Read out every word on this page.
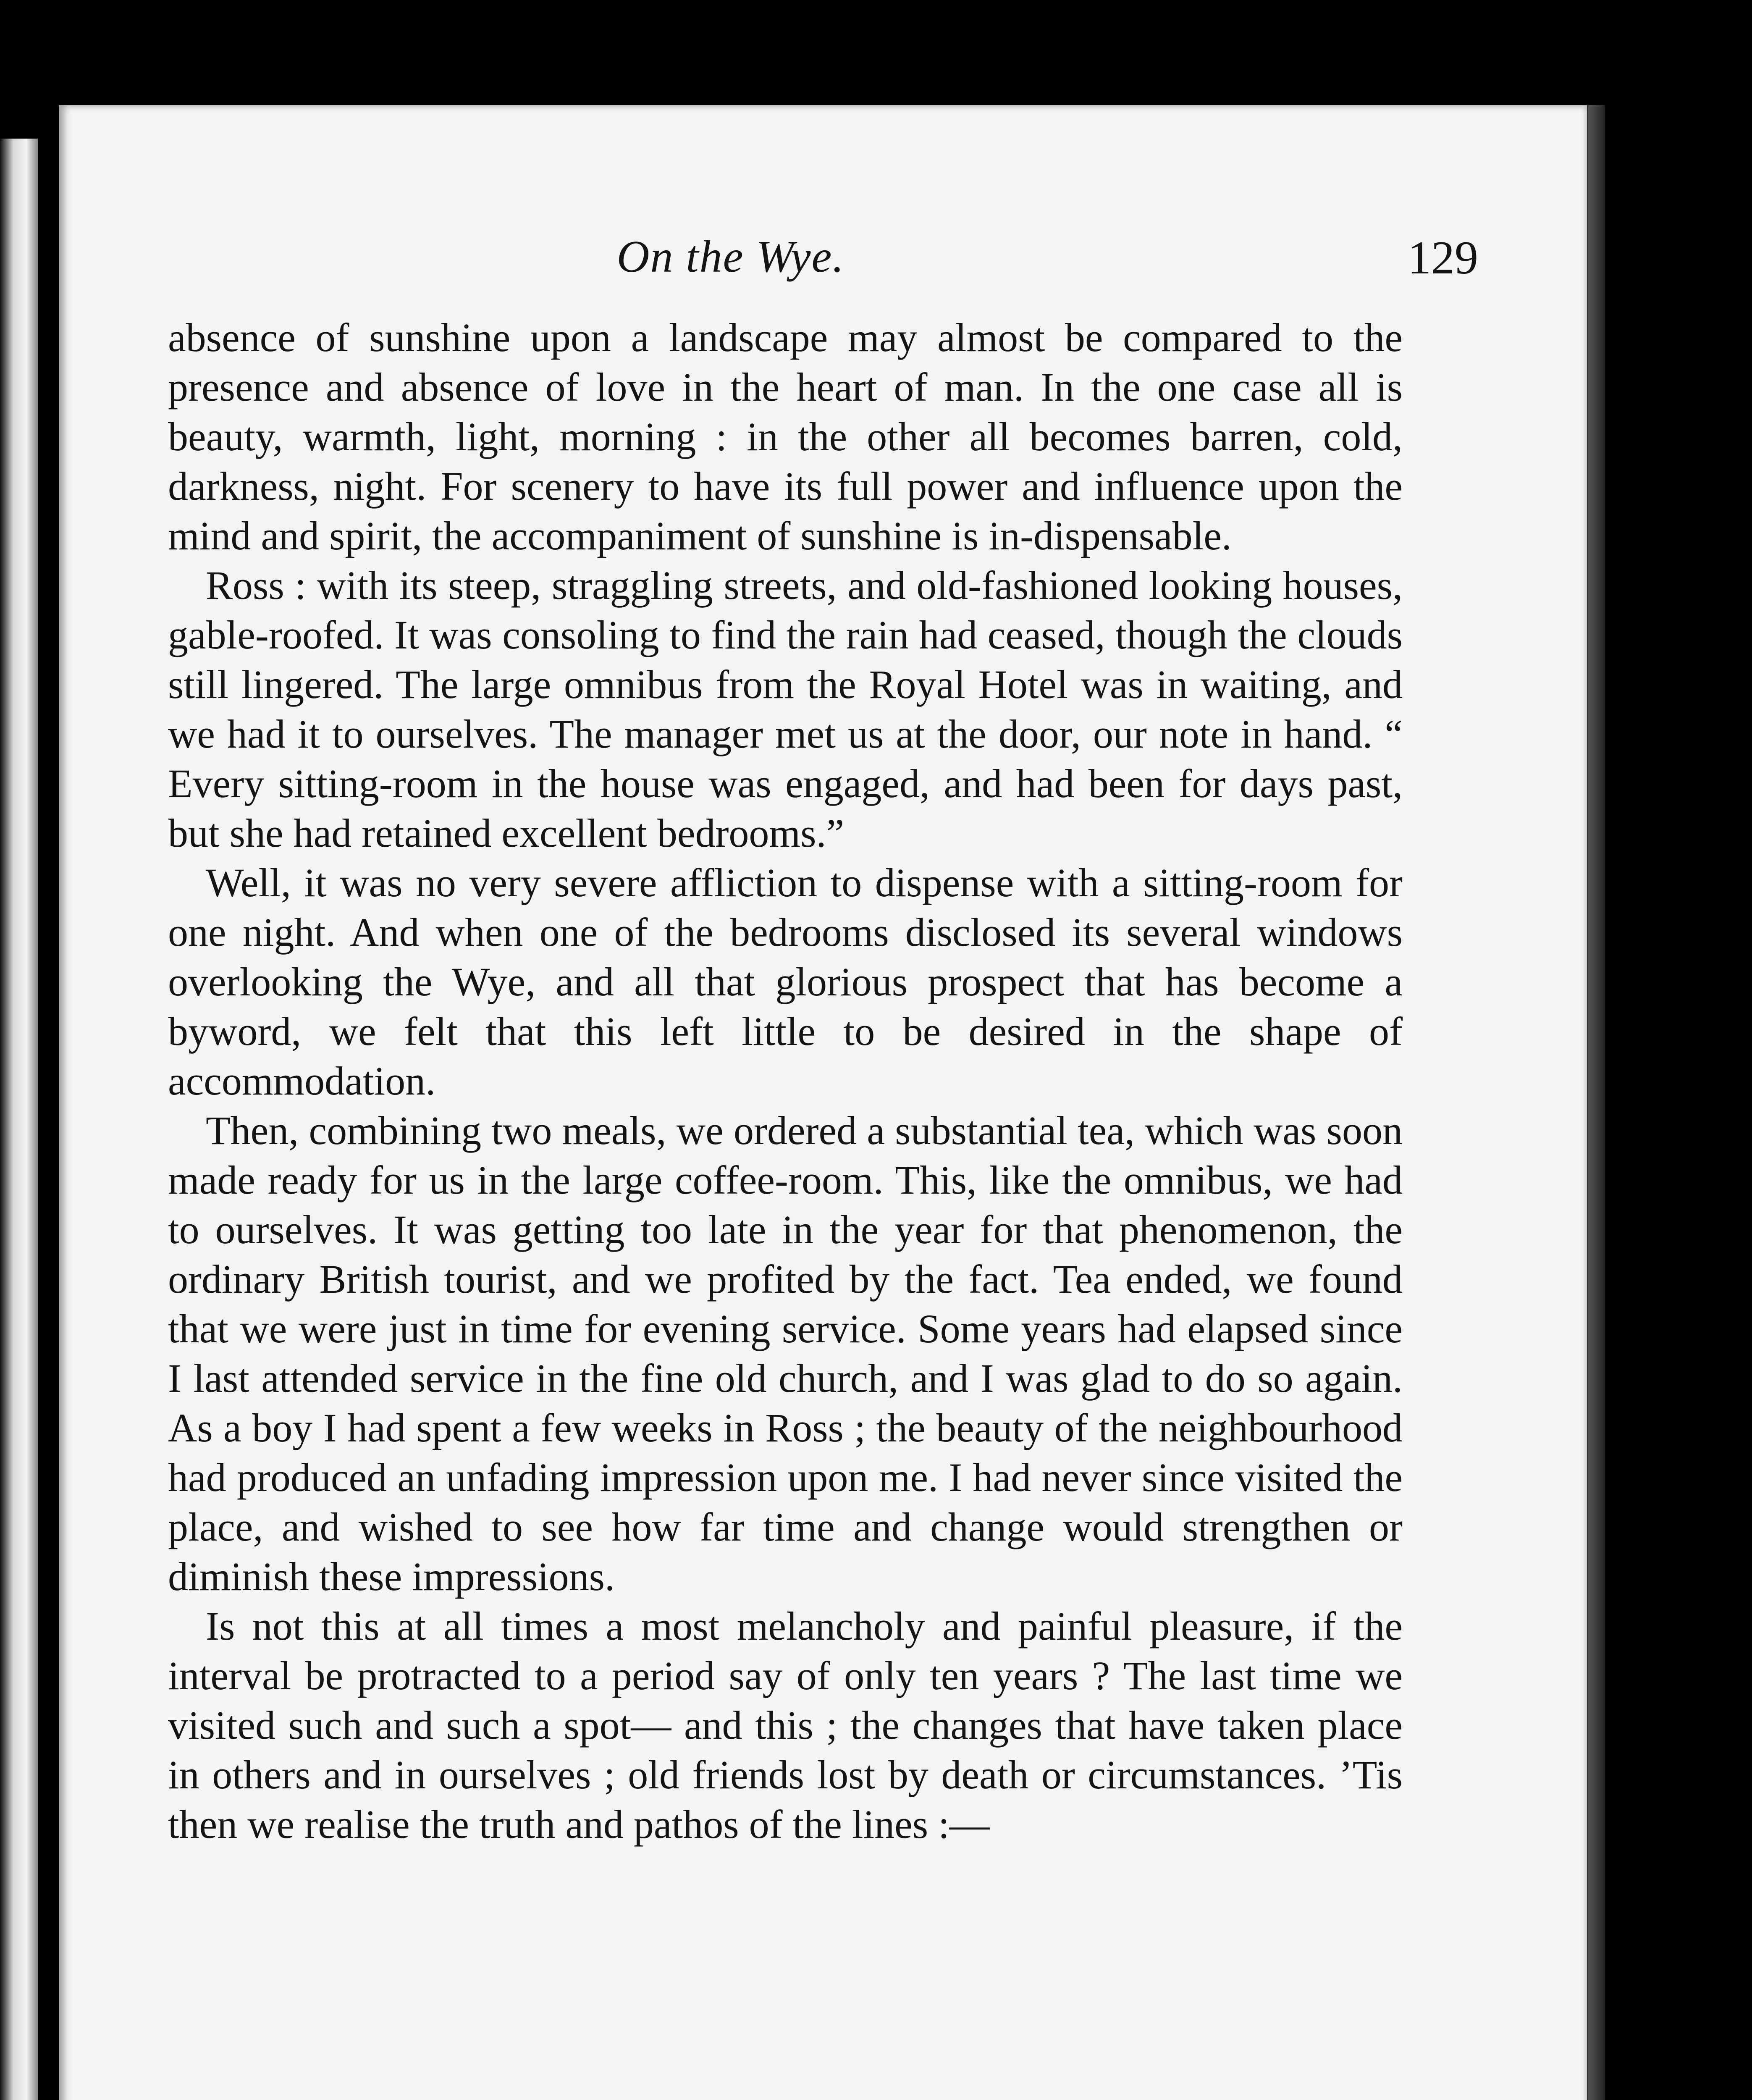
On the Wye.	129

absence of sunshine upon a landscape may almost be compared to the presence and absence of love in the heart of man. In the one case all is beauty, warmth, light, morning : in the other all becomes barren, cold, darkness, night. For scenery to have its full power and influence upon the mind and spirit, the accompaniment of sunshine is in-dispensable.

Ross : with its steep, straggling streets, and old-fashioned looking houses, gable-roofed. It was consoling to find the rain had ceased, though the clouds still lingered. The large omnibus from the Royal Hotel was in waiting, and we had it to ourselves. The manager met us at the door, our note in hand. “ Every sitting-room in the house was engaged, and had been for days past, but she had retained excellent bedrooms.”

Well, it was no very severe affliction to dispense with a sitting-room for one night. And when one of the bedrooms disclosed its several windows overlooking the Wye, and all that glorious prospect that has become a byword, we felt that this left little to be desired in the shape of accommodation.

Then, combining two meals, we ordered a substantial tea, which was soon made ready for us in the large coffee-room. This, like the omnibus, we had to ourselves. It was getting too late in the year for that phenomenon, the ordinary British tourist, and we profited by the fact. Tea ended, we found that we were just in time for evening service. Some years had elapsed since I last attended service in the fine old church, and I was glad to do so again. As a boy I had spent a few weeks in Ross ; the beauty of the neighbourhood had produced an unfading impression upon me. I had never since visited the place, and wished to see how far time and change would strengthen or diminish these impressions.

Is not this at all times a most melancholy and painful pleasure, if the interval be protracted to a period say of only ten years ? The last time we visited such and such a spot— and this ; the changes that have taken place in others and in ourselves ; old friends lost by death or circumstances. ’Tis then we realise the truth and pathos of the lines :—
